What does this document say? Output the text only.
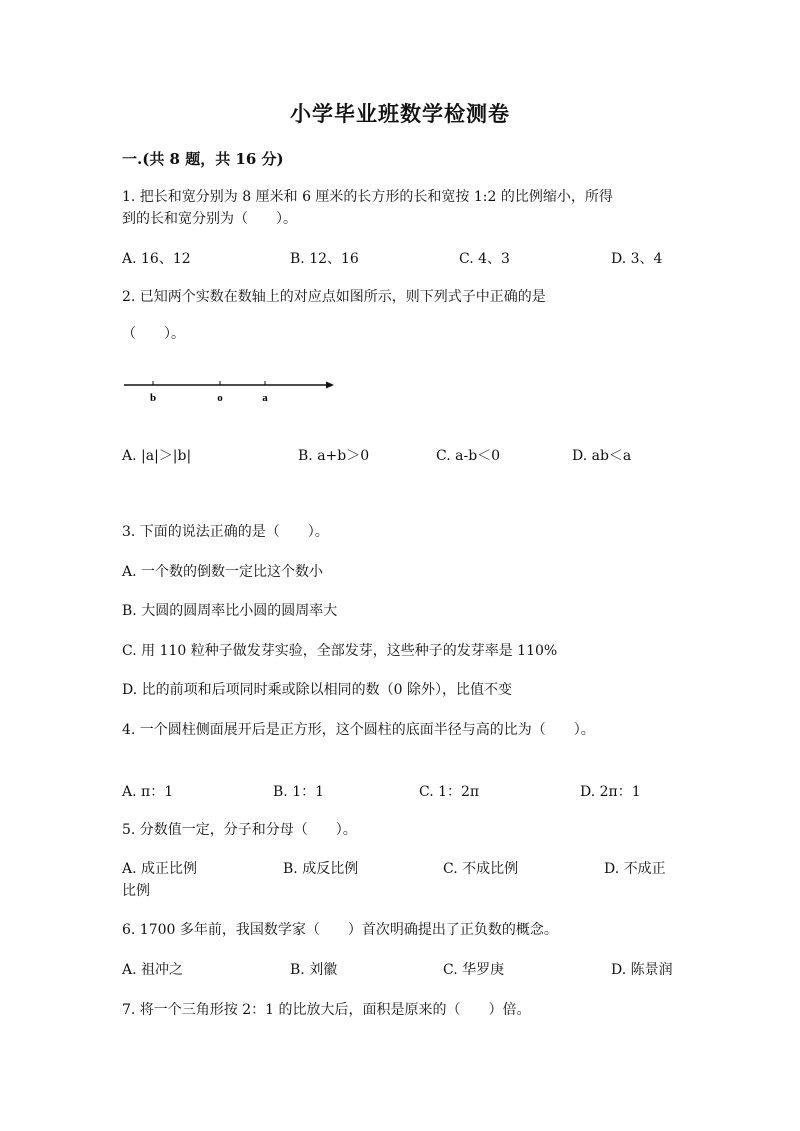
小学毕业班数学检测卷
一.(共 8 题，共 16 分)
1. 把长和宽分别为 8 厘米和 6 厘米的长方形的长和宽按 1:2 的比例缩小，所得
到的长和宽分别为（　　）。
A. 16、12	B. 12、16	C. 4、3	D. 3、4
2. 已知两个实数在数轴上的对应点如图所示，则下列式子中正确的是
（　　）。
b	o	a
A. |a|＞|b|	B. a+b＞0	C. a-b＜0	D. ab＜a
3. 下面的说法正确的是（　　）。
A. 一个数的倒数一定比这个数小
B. 大圆的圆周率比小圆的圆周率大
C. 用 110 粒种子做发芽实验，全部发芽，这些种子的发芽率是 110%
D. 比的前项和后项同时乘或除以相同的数（0 除外），比值不变
4. 一个圆柱侧面展开后是正方形，这个圆柱的底面半径与高的比为（　　）。
A. π：1	B. 1：1	C. 1：2π	D. 2π：1
5. 分数值一定，分子和分母（　　）。
A. 成正比例	B. 成反比例	C. 不成比例	D. 不成正
比例
6. 1700 多年前，我国数学家（　　）首次明确提出了正负数的概念。
A. 祖冲之	B. 刘徽	C. 华罗庚	D. 陈景润
7. 将一个三角形按 2：1 的比放大后，面积是原来的（　　）倍。
